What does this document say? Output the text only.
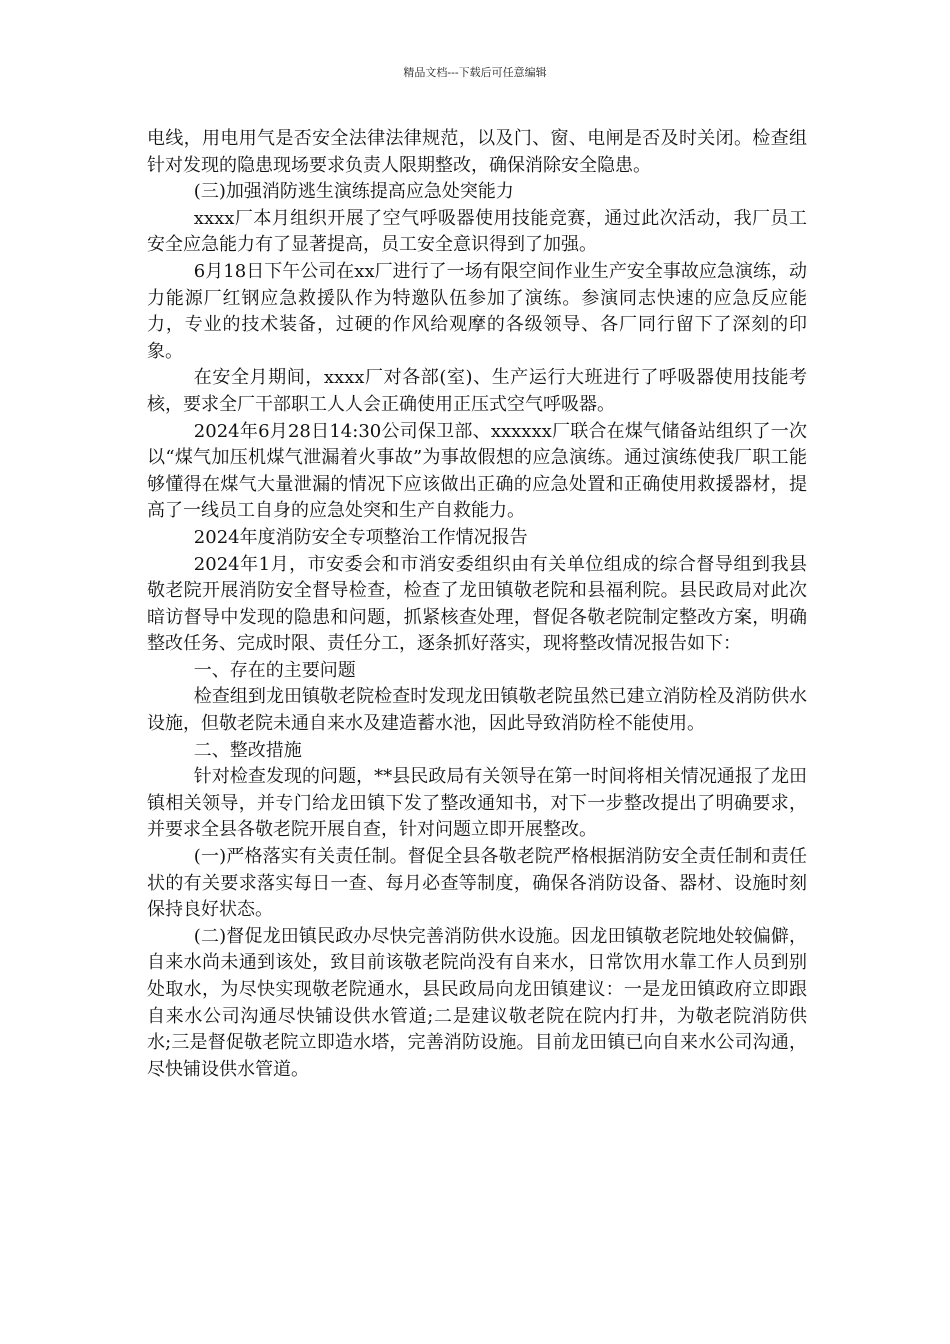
精品文档---下载后可任意编辑

电线，用电用气是否安全法律法律规范，以及门、窗、电闸是否及时关闭。检查组针对发现的隐患现场要求负责人限期整改，确保消除安全隐患。

(三)加强消防逃生演练提高应急处突能力

xxxx厂本月组织开展了空气呼吸器使用技能竞赛，通过此次活动，我厂员工安全应急能力有了显著提高，员工安全意识得到了加强。

6月18日下午公司在xx厂进行了一场有限空间作业生产安全事故应急演练，动力能源厂红钢应急救援队作为特邀队伍参加了演练。参演同志快速的应急反应能力，专业的技术装备，过硬的作风给观摩的各级领导、各厂同行留下了深刻的印象。

在安全月期间，xxxx厂对各部(室)、生产运行大班进行了呼吸器使用技能考核，要求全厂干部职工人人会正确使用正压式空气呼吸器。

2024年6月28日14:30公司保卫部、xxxxxx厂联合在煤气储备站组织了一次以“煤气加压机煤气泄漏着火事故”为事故假想的应急演练。通过演练使我厂职工能够懂得在煤气大量泄漏的情况下应该做出正确的应急处置和正确使用救援器材，提高了一线员工自身的应急处突和生产自救能力。

2024年度消防安全专项整治工作情况报告

2024年1月，市安委会和市消安委组织由有关单位组成的综合督导组到我县敬老院开展消防安全督导检查，检查了龙田镇敬老院和县福利院。县民政局对此次暗访督导中发现的隐患和问题，抓紧核查处理，督促各敬老院制定整改方案，明确整改任务、完成时限、责任分工，逐条抓好落实，现将整改情况报告如下：

一、存在的主要问题

检查组到龙田镇敬老院检查时发现龙田镇敬老院虽然已建立消防栓及消防供水设施，但敬老院未通自来水及建造蓄水池，因此导致消防栓不能使用。

二、整改措施

针对检查发现的问题，**县民政局有关领导在第一时间将相关情况通报了龙田镇相关领导，并专门给龙田镇下发了整改通知书，对下一步整改提出了明确要求，并要求全县各敬老院开展自查，针对问题立即开展整改。

(一)严格落实有关责任制。督促全县各敬老院严格根据消防安全责任制和责任状的有关要求落实每日一查、每月必查等制度，确保各消防设备、器材、设施时刻保持良好状态。

(二)督促龙田镇民政办尽快完善消防供水设施。因龙田镇敬老院地处较偏僻，自来水尚未通到该处，致目前该敬老院尚没有自来水，日常饮用水靠工作人员到别处取水，为尽快实现敬老院通水，县民政局向龙田镇建议：一是龙田镇政府立即跟自来水公司沟通尽快铺设供水管道;二是建议敬老院在院内打井，为敬老院消防供水;三是督促敬老院立即造水塔，完善消防设施。目前龙田镇已向自来水公司沟通，尽快铺设供水管道。
